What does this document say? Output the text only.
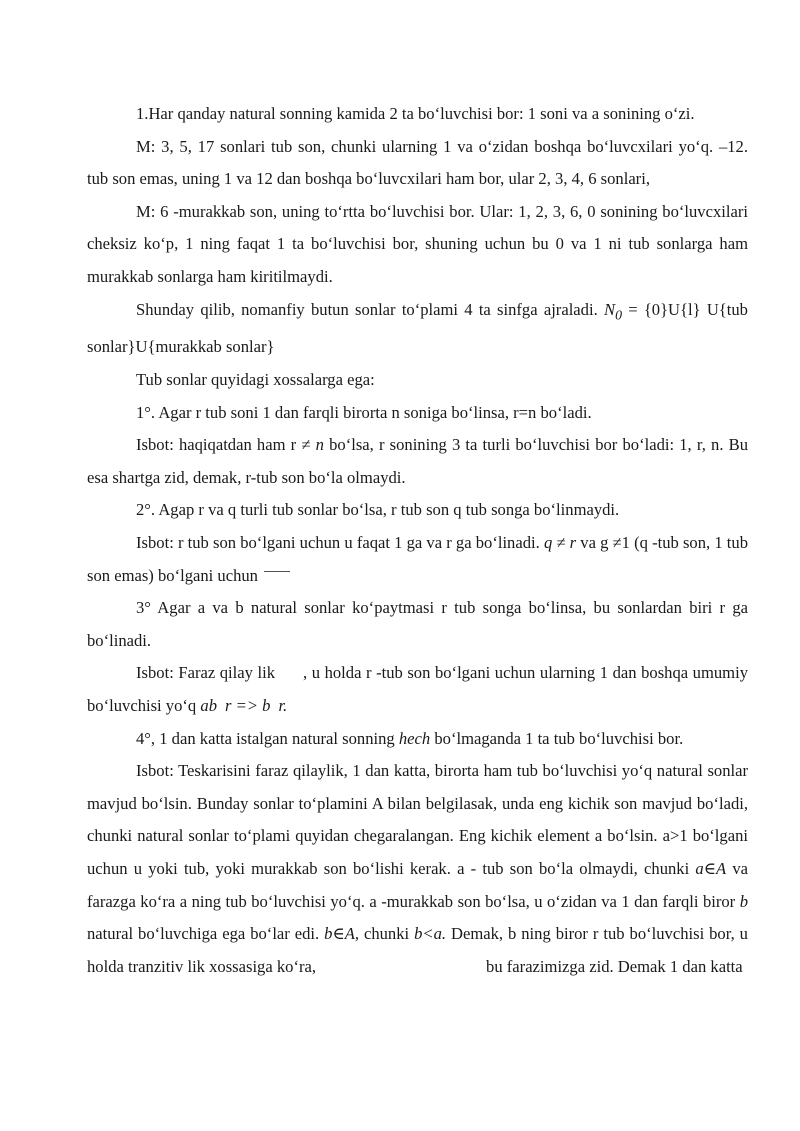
1.Har qanday natural sonning kamida 2 ta bo‘luvchisi bor: 1 soni va a sonining o‘zi.

M: 3, 5, 17 sonlari tub son, chunki ularning 1 va o‘zidan boshqa bo‘luvcxilari yo‘q. –12. tub son emas, uning 1 va 12 dan boshqa bo‘luvcxilari ham bor, ular 2, 3, 4, 6 sonlari,

M: 6 -murakkab son, uning to‘rtta bo‘luvchisi bor. Ular: 1, 2, 3, 6, 0 sonining bo‘luvcxilari cheksiz ko‘p, 1 ning faqat 1 ta bo‘luvchisi bor, shuning uchun bu 0 va 1 ni tub sonlarga ham murakkab sonlarga ham kiritilmaydi.

Shunday qilib, nomanfiy butun sonlar to‘plami 4 ta sinfga ajraladi. $N_0 = \{0\}U\{l\}$ U{tub sonlar}U{murakkab sonlar}

Tub sonlar quyidagi xossalarga ega:

1°. Agar r tub soni 1 dan farqli birorta n soniga bo‘linsa, r=n bo‘ladi.

Isbot: haqiqatdan ham r ≠ n bo‘lsa, r sonining 3 ta turli bo‘luvchisi bor bo‘ladi: 1, r, n. Bu esa shartga zid, demak, r-tub son bo‘la olmaydi.

2°. Agap r va q turli tub sonlar bo‘lsa, r tub son q tub songa bo‘linmaydi.

Isbot: r tub son bo‘lgani uchun u faqat 1 ga va r ga bo‘linadi. q ≠ r va g ≠1 (q -tub son, 1 tub son emas) bo‘lgani uchun

3° Agar a va b natural sonlar ko‘paytmasi r tub songa bo‘linsa, bu sonlardan biri r ga bo‘linadi.

Isbot: Faraz qilay lik , u holda r -tub son bo‘lgani uchun ularning 1 dan boshqa umumiy bo‘luvchisi yo‘q ab r => b r.

4°, 1 dan katta istalgan natural sonning hech bo‘lmaganda 1 ta tub bo‘luvchisi bor.

Isbot: Teskarisini faraz qilaylik, 1 dan katta, birorta ham tub bo‘luvchisi yo‘q natural sonlar mavjud bo‘lsin. Bunday sonlar to‘plamini A bilan belgilasak, unda eng kichik son mavjud bo‘ladi, chunki natural sonlar to‘plami quyidan chegaralangan. Eng kichik element a bo‘lsin. a>1 bo‘lgani uchun u yoki tub, yoki murakkab son bo‘lishi kerak. a - tub son bo‘la olmaydi, chunki a∈A va farazga ko‘ra a ning tub bo‘luvchisi yo‘q. a -murakkab son bo‘lsa, u o‘zidan va 1 dan farqli biror b natural bo‘luvchiga ega bo‘lar edi. b∈A, chunki b<a. Demak, b ning biror r tub bo‘luvchisi bor, u holda tranzitiv lik xossasiga ko‘ra,	bu farazimizga zid. Demak 1 dan katta
